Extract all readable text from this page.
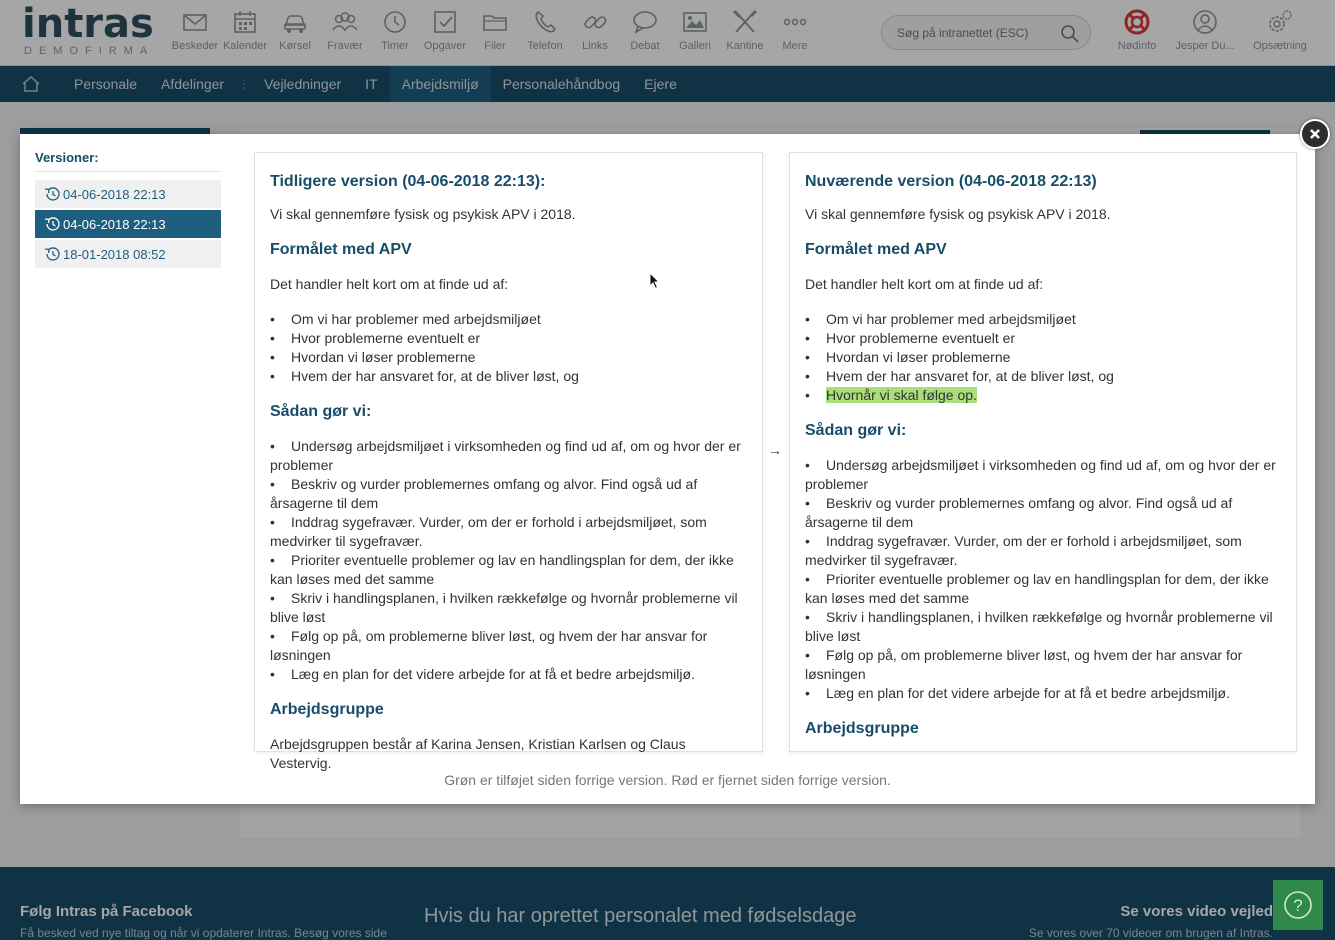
intras
DEMOFIRMA Beskeder Kalender Kørsel Fravær Timer Opgaver Filer Telefon Links Debat Galleri Kantine Mere
Søg på intranettet (ESC)	Nødinfo Jesper Du... Opsætning
Personale	Afdelinger	⋮	Vejledninger	IT	Arbejdsmiljø	Personalehåndbog	Ejere
Følg Intras på Facebook
Få besked ved nye tiltag og når vi opdaterer Intras. Besøg vores side
Hvis du har oprettet personalet med fødselsdage	Se vores video vejled
Se vores over 70 videoer om brugen af Intras.
?
Versioner:
04-06-2018 22:13
04-06-2018 22:13
18-01-2018 08:52
Tidligere version (04-06-2018 22:13):

Vi skal gennemføre fysisk og psykisk APV i 2018.

Formålet med APV

Det handler helt kort om at finde ud af:

• Om vi har problemer med arbejdsmiljøet
• Hvor problemerne eventuelt er
• Hvordan vi løser problemerne
• Hvem der har ansvaret for, at de bliver løst, og
Sådan gør vi:
• Undersøg arbejdsmiljøet i virksomheden og find ud af, om og hvor der er problemer
• Beskriv og vurder problemernes omfang og alvor. Find også ud af årsagerne til dem
• Inddrag sygefravær. Vurder, om der er forhold i arbejdsmiljøet, som medvirker til sygefravær.
• Prioriter eventuelle problemer og lav en handlingsplan for dem, der ikke kan løses med det samme
• Skriv i handlingsplanen, i hvilken rækkefølge og hvornår problemerne vil blive løst
• Følg op på, om problemerne bliver løst, og hvem der har ansvar for løsningen
• Læg en plan for det videre arbejde for at få et bedre arbejdsmiljø.
Arbejdsgruppe

Arbejdsgruppen består af Karina Jensen, Kristian Karlsen og Claus Vestervig.

→
Nuværende version (04-06-2018 22:13)

Vi skal gennemføre fysisk og psykisk APV i 2018.

Formålet med APV

Det handler helt kort om at finde ud af:

• Om vi har problemer med arbejdsmiljøet
• Hvor problemerne eventuelt er
• Hvordan vi løser problemerne
• Hvem der har ansvaret for, at de bliver løst, og
• Hvornår vi skal følge op.
Sådan gør vi:
• Undersøg arbejdsmiljøet i virksomheden og find ud af, om og hvor der er problemer
• Beskriv og vurder problemernes omfang og alvor. Find også ud af årsagerne til dem
• Inddrag sygefravær. Vurder, om der er forhold i arbejdsmiljøet, som medvirker til sygefravær.
• Prioriter eventuelle problemer og lav en handlingsplan for dem, der ikke kan løses med det samme
• Skriv i handlingsplanen, i hvilken rækkefølge og hvornår problemerne vil blive løst
• Følg op på, om problemerne bliver løst, og hvem der har ansvar for løsningen
• Læg en plan for det videre arbejde for at få et bedre arbejdsmiljø.
Arbejdsgruppe
Grøn er tilføjet siden forrige version. Rød er fjernet siden forrige version.
